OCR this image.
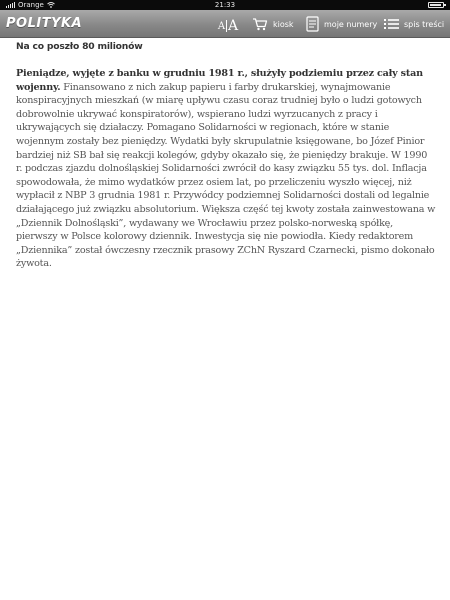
Orange	21:33
POLITYKA	A A	kiosk	moje numery	spis treści
Na co poszło 80 milionów

Pieniądze, wyjęte z banku w grudniu 1981 r., służyły podziemiu przez cały stan wojenny. Finansowano z nich zakup papieru i farby drukarskiej, wynajmowanie konspiracyjnych mieszkań (w miarę upływu czasu coraz trudniej było o ludzi gotowych dobrowolnie ukrywać konspiratorów), wspierano ludzi wyrzucanych z pracy i ukrywających się działaczy. Pomagano Solidarności w regionach, które w stanie wojennym zostały bez pieniędzy. Wydatki były skrupulatnie księgowane, bo Józef Pinior bardziej niż SB bał się reakcji kolegów, gdyby okazało się, że pieniędzy brakuje. W 1990 r. podczas zjazdu dolnośląskiej Solidarności zwrócił do kasy związku 55 tys. dol. Inflacja spowodowała, że mimo wydatków przez osiem lat, po przeliczeniu wyszło więcej, niż wypłacił z NBP 3 grudnia 1981 r. Przywódcy podziemnej Solidarności dostali od legalnie działającego już związku absolutorium. Większa część tej kwoty została zainwestowana w „Dziennik Dolnośląski”, wydawany we Wrocławiu przez polsko-norweską spółkę, pierwszy w Polsce kolorowy dziennik. Inwestycja się nie powiodła. Kiedy redaktorem „Dziennika” został ówczesny rzecznik prasowy ZChN Ryszard Czarnecki, pismo dokonało żywota.
